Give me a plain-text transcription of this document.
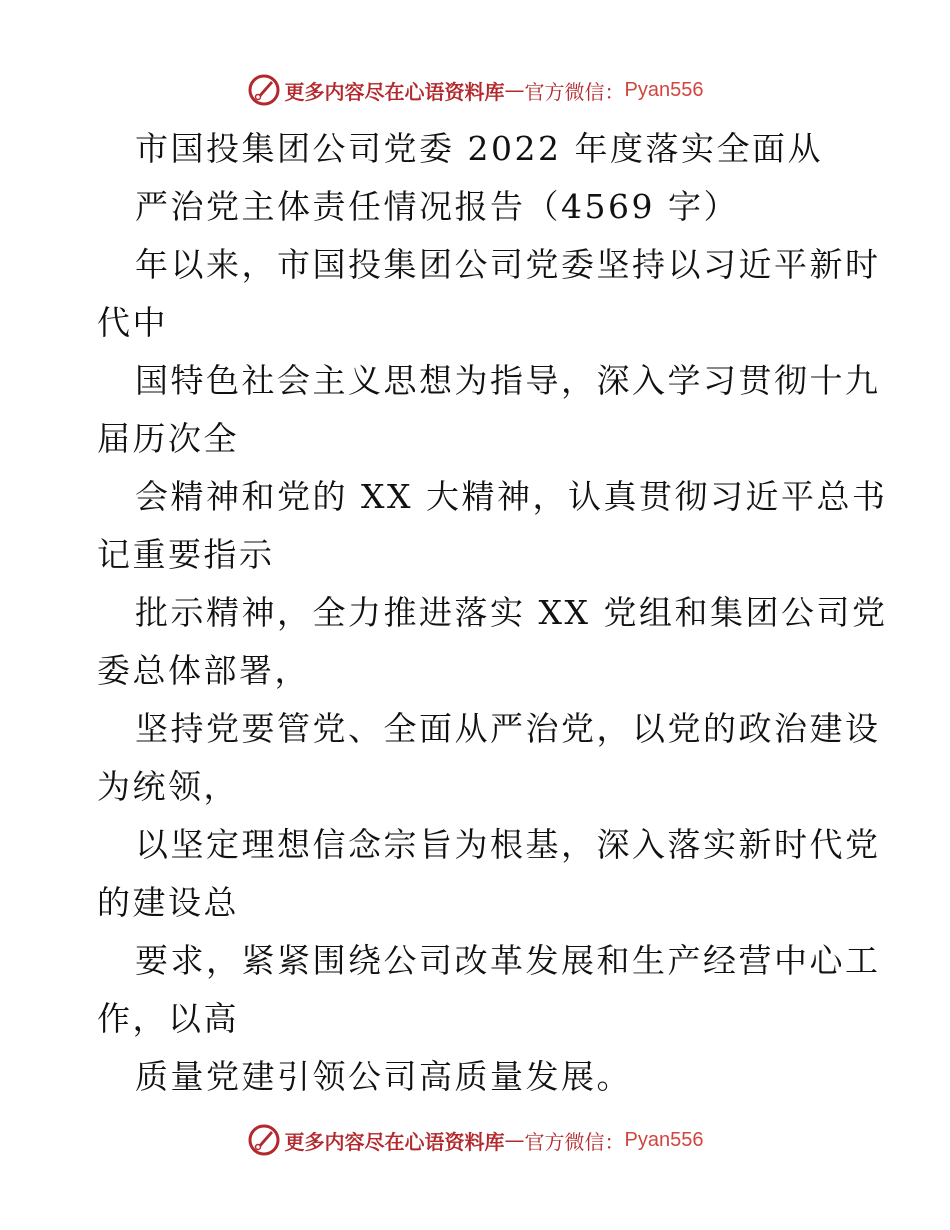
更多内容尽在心语资料库 — 官方微信： Pyan556
市国投集团公司党委 2022 年度落实全面从
严治党主体责任情况报告（4569 字）
年以来，市国投集团公司党委坚持以习近平新时
代中
国特色社会主义思想为指导，深入学习贯彻十九
届历次全
会精神和党的 XX 大精神，认真贯彻习近平总书
记重要指示
批示精神，全力推进落实 XX 党组和集团公司党
委总体部署，
坚持党要管党、全面从严治党，以党的政治建设
为统领，
以坚定理想信念宗旨为根基，深入落实新时代党
的建设总
要求，紧紧围绕公司改革发展和生产经营中心工
作，以高
质量党建引领公司高质量发展。
更多内容尽在心语资料库 — 官方微信： Pyan556
